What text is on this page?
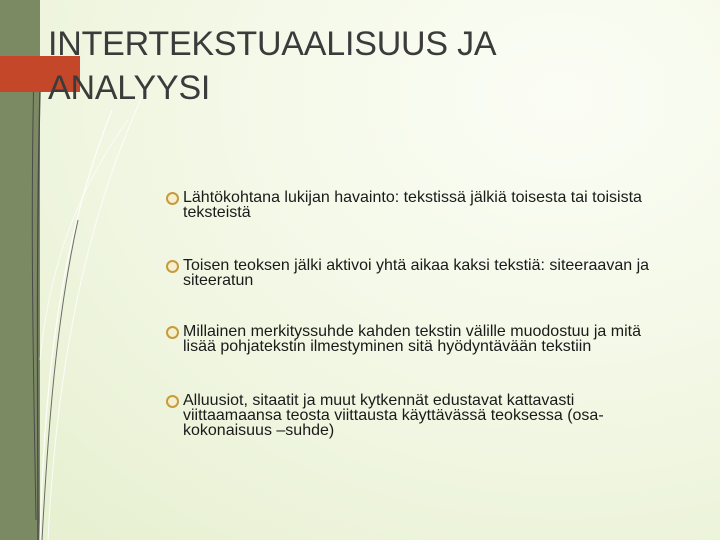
INTERTEKSTUAALISUUS JA ANALYYSI
Lähtökohtana lukijan havainto: tekstissä jälkiä toisesta tai toisista teksteistä
Toisen teoksen jälki aktivoi yhtä aikaa kaksi tekstiä: siteeraavan ja siteeratun
Millainen merkityssuhde kahden tekstin välille muodostuu ja mitä lisää pohjatekstin ilmestyminen sitä hyödyntävään tekstiin
Alluusiot, sitaatit ja muut kytkennät edustavat kattavasti viittaamaansa teosta viittausta käyttävässä teoksessa (osa-kokonaisuus –suhde)
